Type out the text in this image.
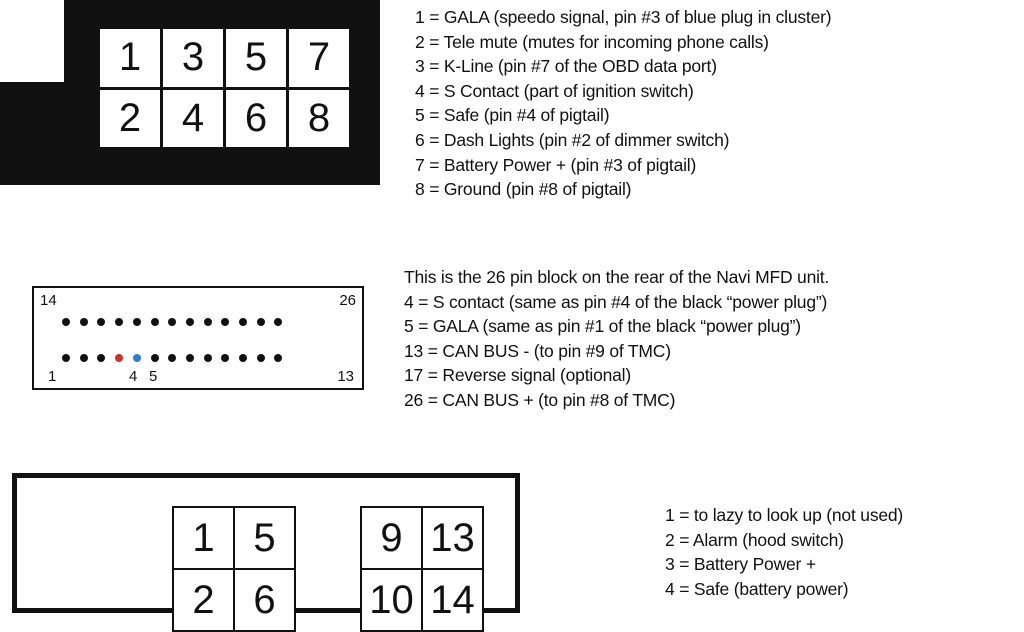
1	3	5	7
2	4	6	8
1 = GALA (speedo signal, pin #3 of blue plug in cluster)
2 = Tele mute (mutes for incoming phone calls)
3 = K-Line (pin #7 of the OBD data port)
4 = S Contact (part of ignition switch)
5 = Safe (pin #4 of pigtail)
6 = Dash Lights (pin #2 of dimmer switch)
7 = Battery Power + (pin #3 of pigtail)
8 = Ground (pin #8 of pigtail)
14	26
1	4 5	13
This is the 26 pin block on the rear of the Navi MFD unit.
4 = S contact (same as pin #4 of the black “power plug”)
5 = GALA (same as pin #1 of the black “power plug”)
13 = CAN BUS - (to pin #9 of TMC)
17 = Reverse signal (optional)
26 = CAN BUS + (to pin #8 of TMC)
1 5
2 6
9 13
10 14
1 = to lazy to look up (not used)
2 = Alarm (hood switch)
3 = Battery Power +
4 = Safe (battery power)
